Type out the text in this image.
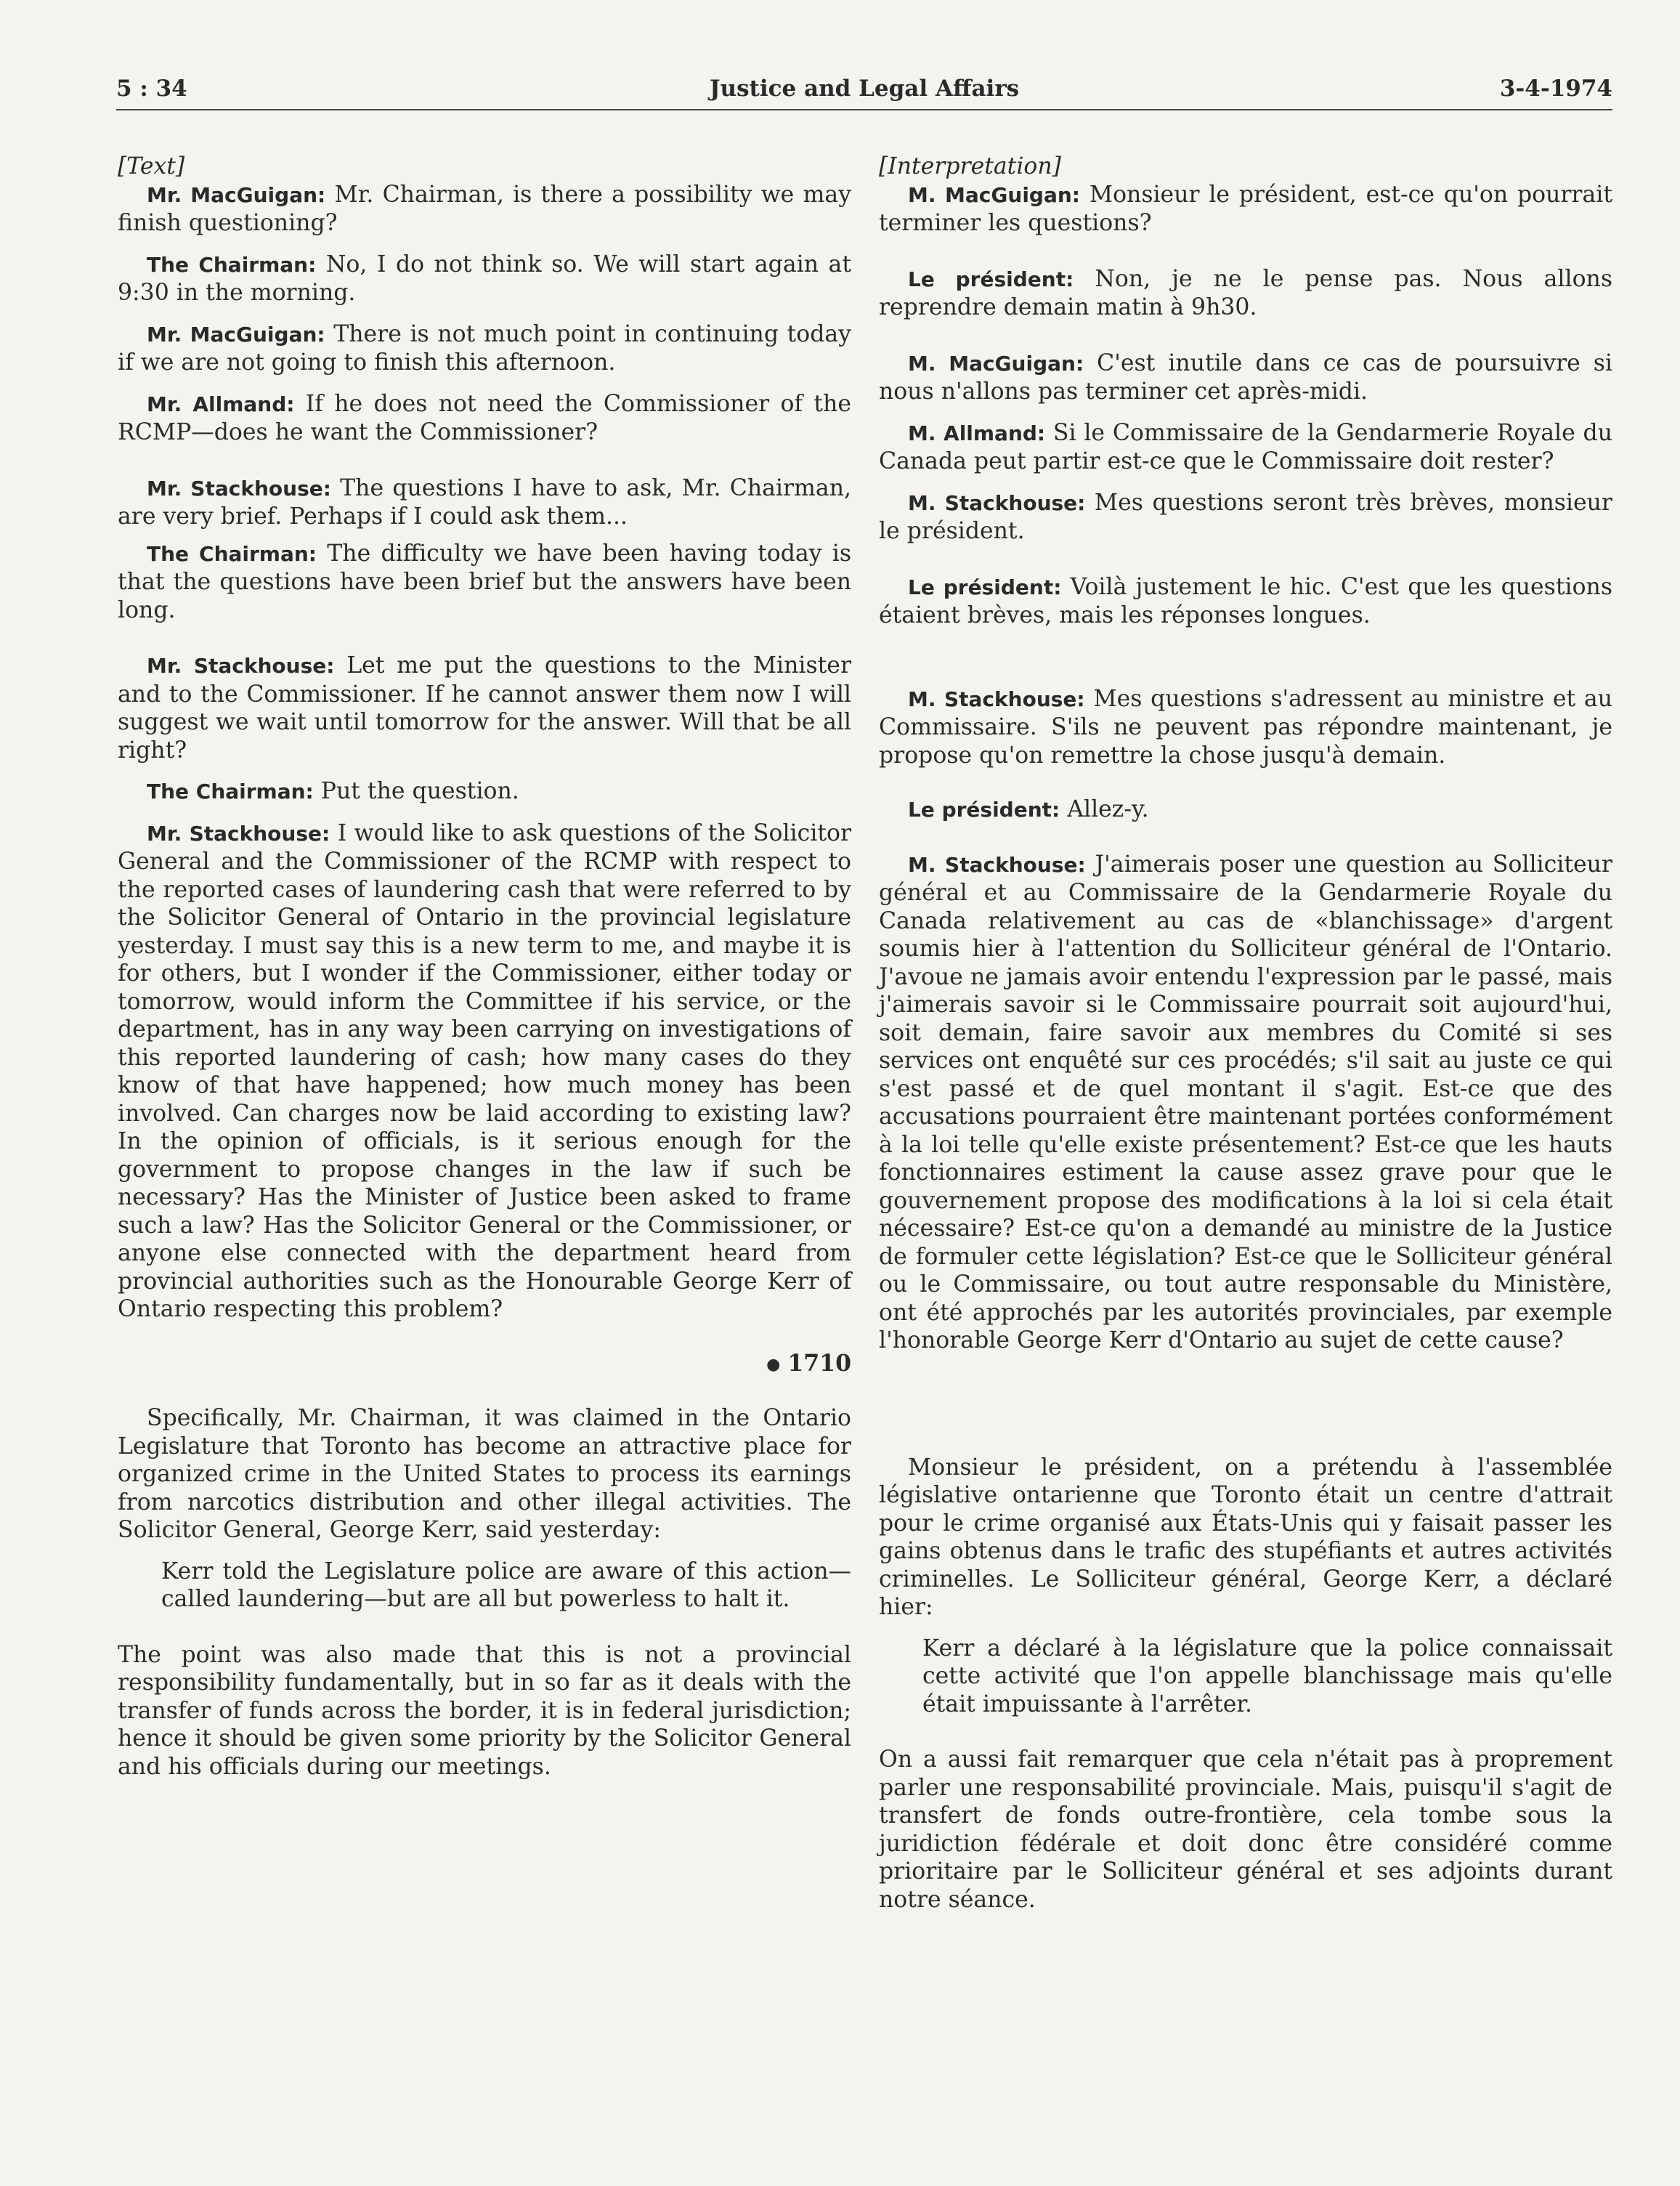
5 : 34	Justice and Legal Affairs	3-4-1974

[Text]

Mr. MacGuigan: Mr. Chairman, is there a possibility we may finish questioning?

The Chairman: No, I do not think so. We will start again at 9:30 in the morning.

Mr. MacGuigan: There is not much point in continuing today if we are not going to finish this afternoon.

Mr. Allmand: If he does not need the Commissioner of the RCMP—does he want the Commissioner?

Mr. Stackhouse: The questions I have to ask, Mr. Chairman, are very brief. Perhaps if I could ask them...

The Chairman: The difficulty we have been having today is that the questions have been brief but the answers have been long.

Mr. Stackhouse: Let me put the questions to the Minister and to the Commissioner. If he cannot answer them now I will suggest we wait until tomorrow for the answer. Will that be all right?

The Chairman: Put the question.

Mr. Stackhouse: I would like to ask questions of the Solicitor General and the Commissioner of the RCMP with respect to the reported cases of laundering cash that were referred to by the Solicitor General of Ontario in the provincial legislature yesterday. I must say this is a new term to me, and maybe it is for others, but I wonder if the Commissioner, either today or tomorrow, would inform the Committee if his service, or the department, has in any way been carrying on investigations of this reported laundering of cash; how many cases do they know of that have happened; how much money has been involved. Can charges now be laid according to existing law? In the opinion of officials, is it serious enough for the government to propose changes in the law if such be necessary? Has the Minister of Justice been asked to frame such a law? Has the Solicitor General or the Commissioner, or anyone else connected with the department heard from provincial authorities such as the Honourable George Kerr of Ontario respecting this problem?

● 1710

Specifically, Mr. Chairman, it was claimed in the Ontario Legislature that Toronto has become an attractive place for organized crime in the United States to process its earnings from narcotics distribution and other illegal activities. The Solicitor General, George Kerr, said yesterday:

Kerr told the Legislature police are aware of this action—called laundering—but are all but powerless to halt it.

The point was also made that this is not a provincial responsibility fundamentally, but in so far as it deals with the transfer of funds across the border, it is in federal jurisdiction; hence it should be given some priority by the Solicitor General and his officials during our meetings.

[Interpretation]

M. MacGuigan: Monsieur le président, est-ce qu'on pourrait terminer les questions?

Le président: Non, je ne le pense pas. Nous allons reprendre demain matin à 9h30.

M. MacGuigan: C'est inutile dans ce cas de poursuivre si nous n'allons pas terminer cet après-midi.

M. Allmand: Si le Commissaire de la Gendarmerie Royale du Canada peut partir est-ce que le Commissaire doit rester?

M. Stackhouse: Mes questions seront très brèves, monsieur le président.

Le président: Voilà justement le hic. C'est que les questions étaient brèves, mais les réponses longues.

M. Stackhouse: Mes questions s'adressent au ministre et au Commissaire. S'ils ne peuvent pas répondre maintenant, je propose qu'on remettre la chose jusqu'à demain.

Le président: Allez-y.

M. Stackhouse: J'aimerais poser une question au Solliciteur général et au Commissaire de la Gendarmerie Royale du Canada relativement au cas de «blanchissage» d'argent soumis hier à l'attention du Solliciteur général de l'Ontario. J'avoue ne jamais avoir entendu l'expression par le passé, mais j'aimerais savoir si le Commissaire pourrait soit aujourd'hui, soit demain, faire savoir aux membres du Comité si ses services ont enquêté sur ces procédés; s'il sait au juste ce qui s'est passé et de quel montant il s'agit. Est-ce que des accusations pourraient être maintenant portées conformément à la loi telle qu'elle existe présentement? Est-ce que les hauts fonctionnaires estiment la cause assez grave pour que le gouvernement propose des modifications à la loi si cela était nécessaire? Est-ce qu'on a demandé au ministre de la Justice de formuler cette législation? Est-ce que le Solliciteur général ou le Commissaire, ou tout autre responsable du Ministère, ont été approchés par les autorités provinciales, par exemple l'honorable George Kerr d'Ontario au sujet de cette cause?

Monsieur le président, on a prétendu à l'assemblée législative ontarienne que Toronto était un centre d'attrait pour le crime organisé aux États-Unis qui y faisait passer les gains obtenus dans le trafic des stupéfiants et autres activités criminelles. Le Solliciteur général, George Kerr, a déclaré hier:

Kerr a déclaré à la législature que la police connaissait cette activité que l'on appelle blanchissage mais qu'elle était impuissante à l'arrêter.

On a aussi fait remarquer que cela n'était pas à proprement parler une responsabilité provinciale. Mais, puisqu'il s'agit de transfert de fonds outre-frontière, cela tombe sous la juridiction fédérale et doit donc être considéré comme prioritaire par le Solliciteur général et ses adjoints durant notre séance.
